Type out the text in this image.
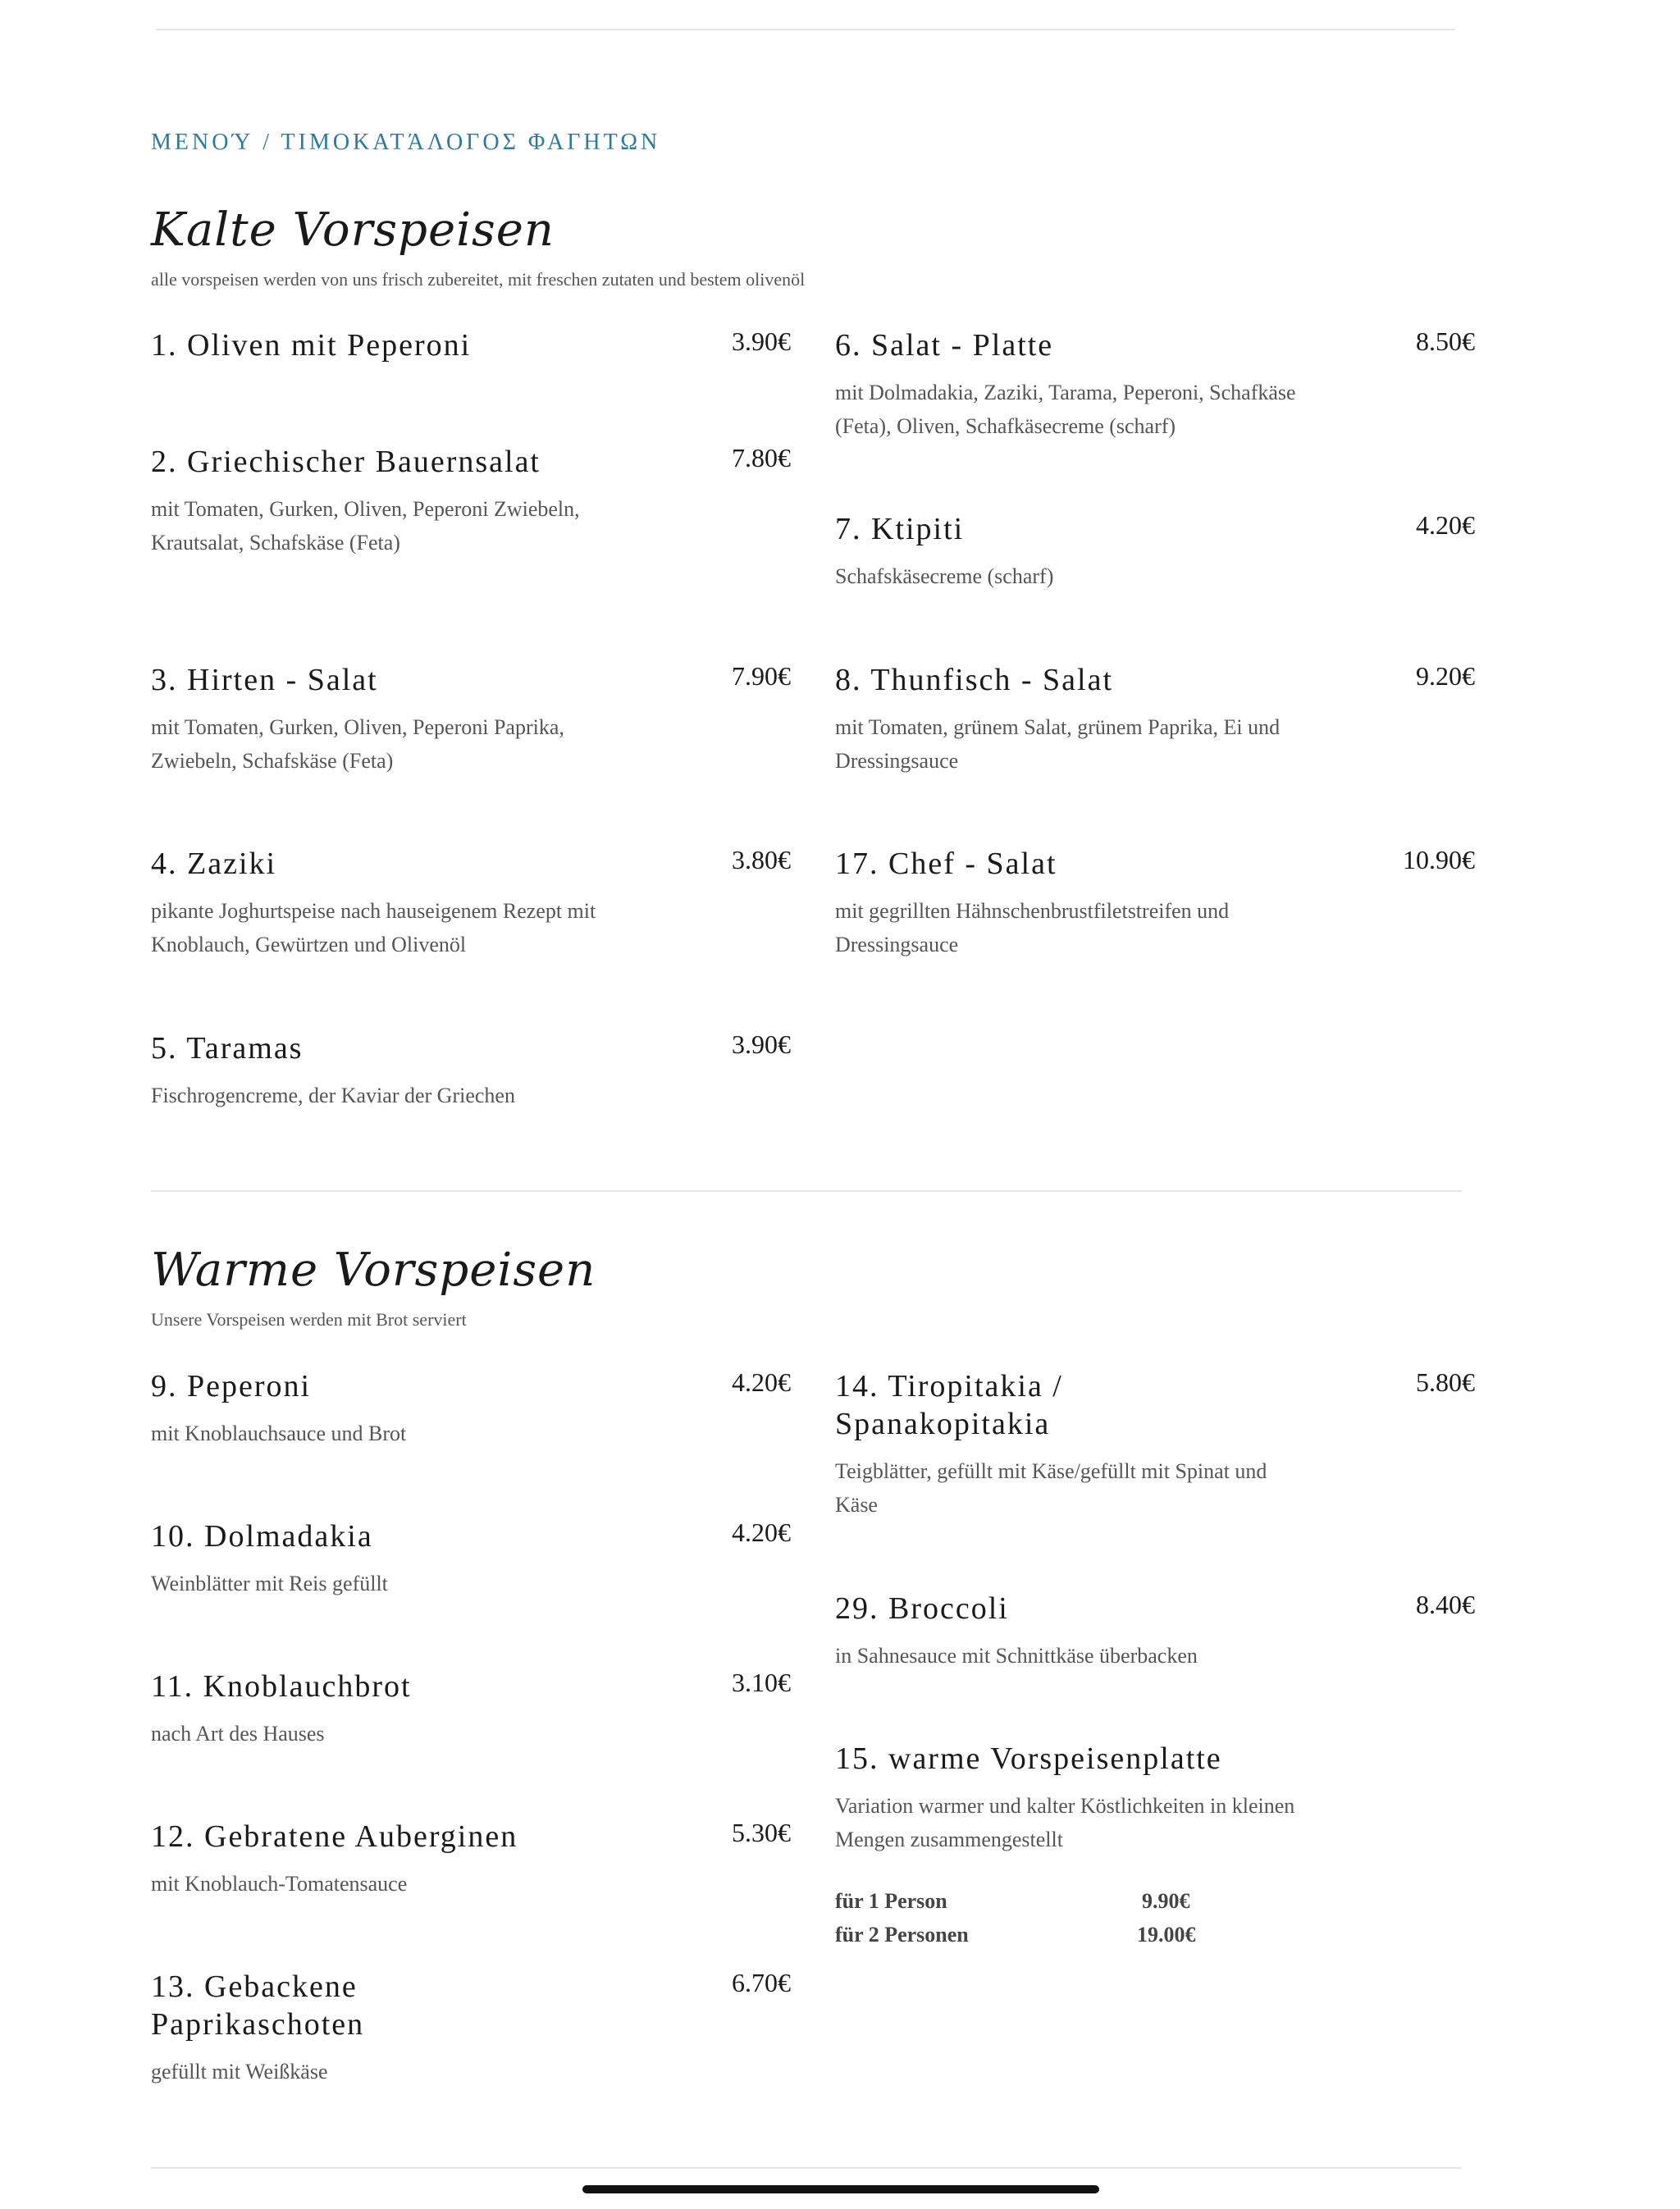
ΜΕΝΟΎ / ΤΙΜΟΚΑΤΆΛΟΓΟΣ ΦΑΓΗΤΩΝ
Kalte Vorspeisen
alle vorspeisen werden von uns frisch zubereitet, mit freschen zutaten und bestem olivenöl
1. Oliven mit Peperoni	3.90€
2. Griechischer Bauernsalat	7.80€
mit Tomaten, Gurken, Oliven, Peperoni Zwiebeln,
Krautsalat, Schafskäse (Feta)
3. Hirten - Salat	7.90€
mit Tomaten, Gurken, Oliven, Peperoni Paprika, Zwiebeln, Schafskäse (Feta)
4. Zaziki	3.80€
pikante Joghurtspeise nach hauseigenem Rezept mit Knoblauch, Gewürtzen und Olivenöl
5. Taramas	3.90€
Fischrogencreme, der Kaviar der Griechen
6. Salat - Platte	8.50€
mit Dolmadakia, Zaziki, Tarama, Peperoni, Schafkäse (Feta), Oliven, Schafkäsecreme (scharf)
7. Ktipiti	4.20€
Schafskäsecreme (scharf)
8. Thunfisch - Salat	9.20€
mit Tomaten, grünem Salat, grünem Paprika, Ei und Dressingsauce
17. Chef - Salat	10.90€
mit gegrillten Hähnschenbrustfiletstreifen und Dressingsauce
Warme Vorspeisen
Unsere Vorspeisen werden mit Brot serviert
9. Peperoni	4.20€
mit Knoblauchsauce und Brot
10. Dolmadakia	4.20€
Weinblätter mit Reis gefüllt
11. Knoblauchbrot	3.10€
nach Art des Hauses
12. Gebratene Auberginen	5.30€
mit Knoblauch-Tomatensauce
13. Gebackene Paprikaschoten
6.70€
gefüllt mit Weißkäse
14. Tiropitakia / Spanakopitakia
5.80€
Teigblätter, gefüllt mit Käse/gefüllt mit Spinat und Käse
29. Broccoli	8.40€
in Sahnesauce mit Schnittkäse überbacken
15. warme Vorspeisenplatte
Variation warmer und kalter Köstlichkeiten in kleinen Mengen zusammengestellt
für 1 Person	9.90€
für 2 Personen	19.00€
